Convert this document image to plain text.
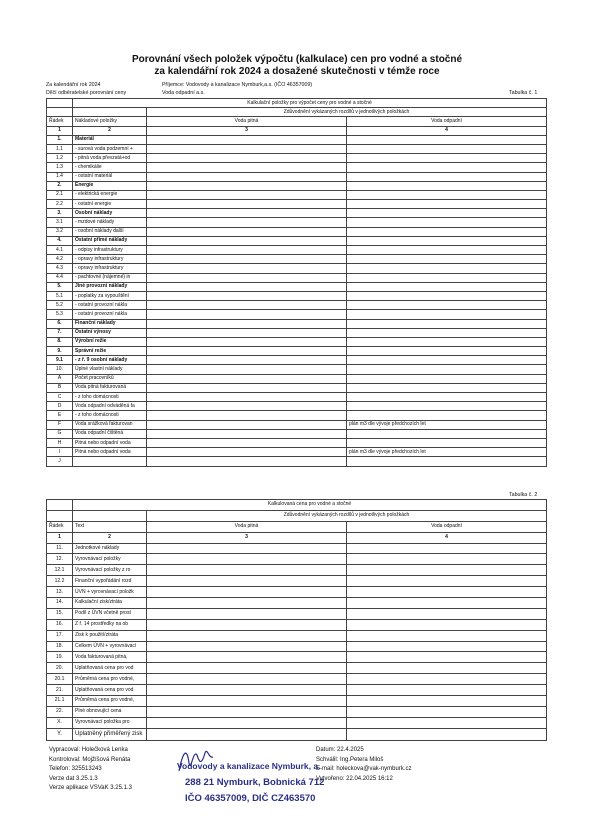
Porovnání všech položek výpočtu (kalkulace) cen pro vodné a stočné
za kalendářní rok 2024 a dosažené skutečnosti v témže roce
Za kalendářní rok 2024	Příjemce: Vodovody a kanalizace Nymburk,a.s. (IČO 46357009)
Dílčí odběratelské porovnání ceny	Voda odpadní a.s.	Tabulka č. 1
	Kalkulační položky pro výpočet ceny pro vodné a stočné		
		Zdůvodnění vykázaných rozdílů v jednotlivých položkách	
Řádek	Nákladové položky	Voda pitná	Voda odpadní
1	2	3	4
1.	Materiál		
1.1	- surová voda podzemní +		
1.2	- pitná voda převzatá+od		
1.3	- chemikálie		
1.4	- ostatní materiál		
2.	Energie		
2.1	- elektrická energie		
2.2	- ostatní energie		
3.	Osobní náklady		
3.1	- mzdové náklady		
3.2	- osobní náklady další		
4.	Ostatní přímé náklady		
4.1	- odpisy infrastruktury		
4.2	- opravy infrastruktury		
4.3	- opravy infrastruktury		
4.4	- pachtovné (nájemné) in		
5.	Jiné provozní náklady		
5.1	- poplatky za vypouštění		
5.2	- ostatní provozní nákla		
5.3	- ostatní provozní nákla		
6.	Finanční náklady		
7.	Ostatní výnosy		
8.	Výrobní režie		
9.	Správní režie		
9.1	- z ř. 9 osobní náklady		
10.	Úplné vlastní náklady		
A	Počet pracovníků		
B	Voda pitná fakturovaná		
C	- z toho domácnosti		
D	Voda odpadní odváděná fa		
E	- z toho domácnosti		
F	Voda srážková fakturovan		plán m3 dle vývoje předchozích let
G	Voda odpadní čištěná		
H	Pitná nebo odpadní voda		
I	Pitná nebo odpadní voda		plán m3 dle vývoje předchozích let
J			
Tabulka č. 2
	Kalkulovaná cena pro vodné a stočné		
		Zdůvodnění vykázaných rozdílů v jednotlivých položkách	
Řádek	Text	Voda pitná	Voda odpadní
1	2	3	4
11.	Jednotkové náklady		
12.	Vyrovnávací položky		
12.1	Vyrovnávací položky z ro		
12.2	Finanční vypořádání rozd		
13.	ÚVN + vyrovnávací položk		
14.	Kalkulační zisk/ztráta		
15.	Podíl z ÚVN včetně prost		
16.	Z ř. 14 prostředky na ob		
17.	Zisk k použití/ztráta		
18.	Celkem ÚVN + vyrovnávací		
19.	Voda fakturovaná pitná,		
20.	Uplatňovaná cena pro vod		
20.1	Průměrná cena pro vodné,		
21.	Uplatňovaná cena pro vod		
21.1	Průměrná cena pro vodné,		
22.	Plné obnovující cena		
X.	Vyrovnávací položka pro		
Y.	Uplatněný přiměřený zisk		
Vypracoval: Holečková Lenka
Kontroloval: Mojžíšová Renáta
Telefon: 325513243
Verze dat 3.25.1.3
Verze aplikace VSVaK 3.25.1.3
Vodovody a kanalizace Nymburk, a.
288 21 Nymburk, Bobnická 712
IČO 46357009, DIČ CZ463570
Datum: 22.4.2025
Schválil: Ing.Petera Miloš
E-mail: holeckova@vak-nymburk.cz
Vytvořeno: 22.04.2025 16:12
